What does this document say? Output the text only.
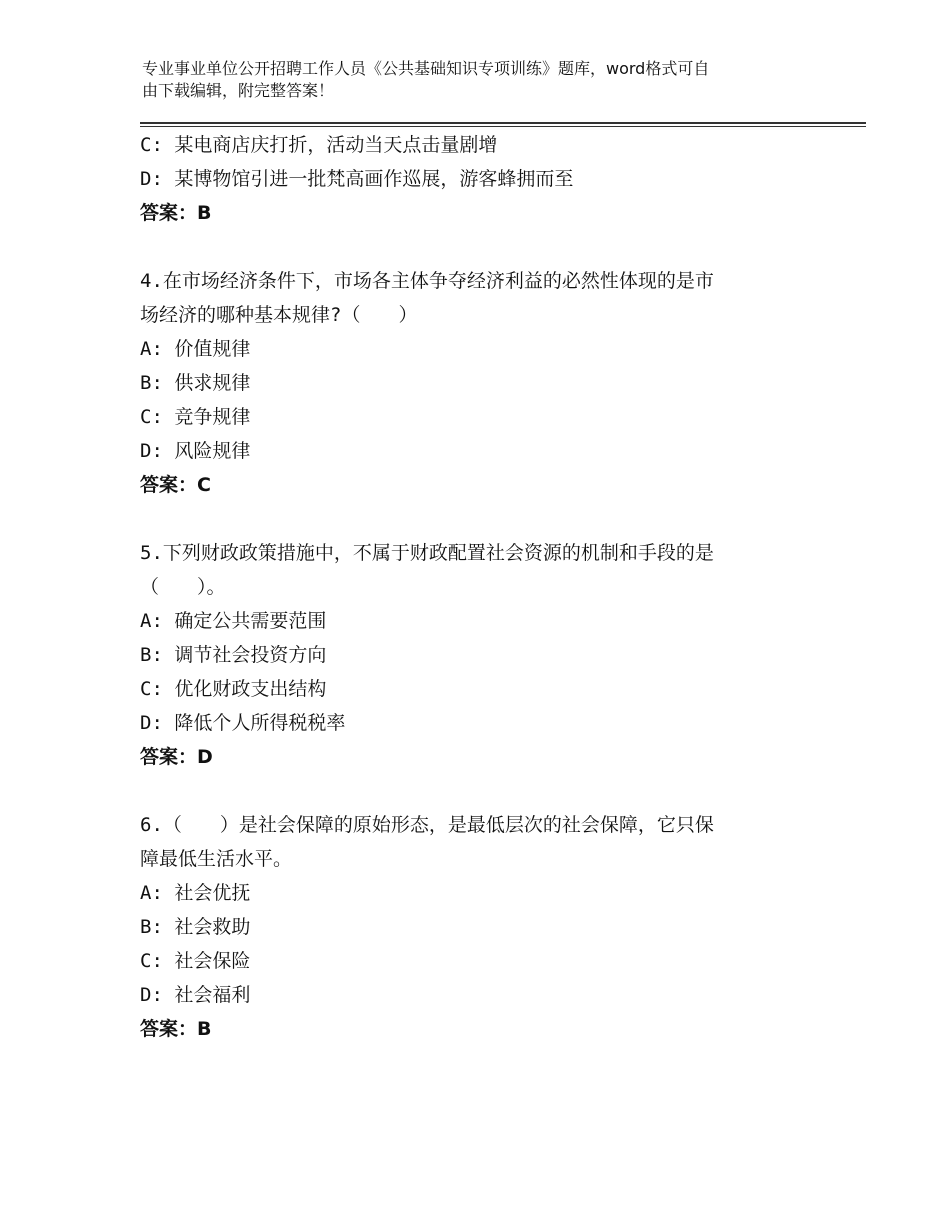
专业事业单位公开招聘工作人员《公共基础知识专项训练》题库，word格式可自
由下载编辑，附完整答案！
C: 某电商店庆打折，活动当天点击量剧增
D: 某博物馆引进一批梵高画作巡展，游客蜂拥而至
答案：B
4.在市场经济条件下，市场各主体争夺经济利益的必然性体现的是市
场经济的哪种基本规律?（　　）
A: 价值规律
B: 供求规律
C: 竞争规律
D: 风险规律
答案：C
5.下列财政政策措施中，不属于财政配置社会资源的机制和手段的是
（　　）。
A: 确定公共需要范围
B: 调节社会投资方向
C: 优化财政支出结构
D: 降低个人所得税税率
答案：D
6.（　　）是社会保障的原始形态，是最低层次的社会保障，它只保
障最低生活水平。
A: 社会优抚
B: 社会救助
C: 社会保险
D: 社会福利
答案：B
